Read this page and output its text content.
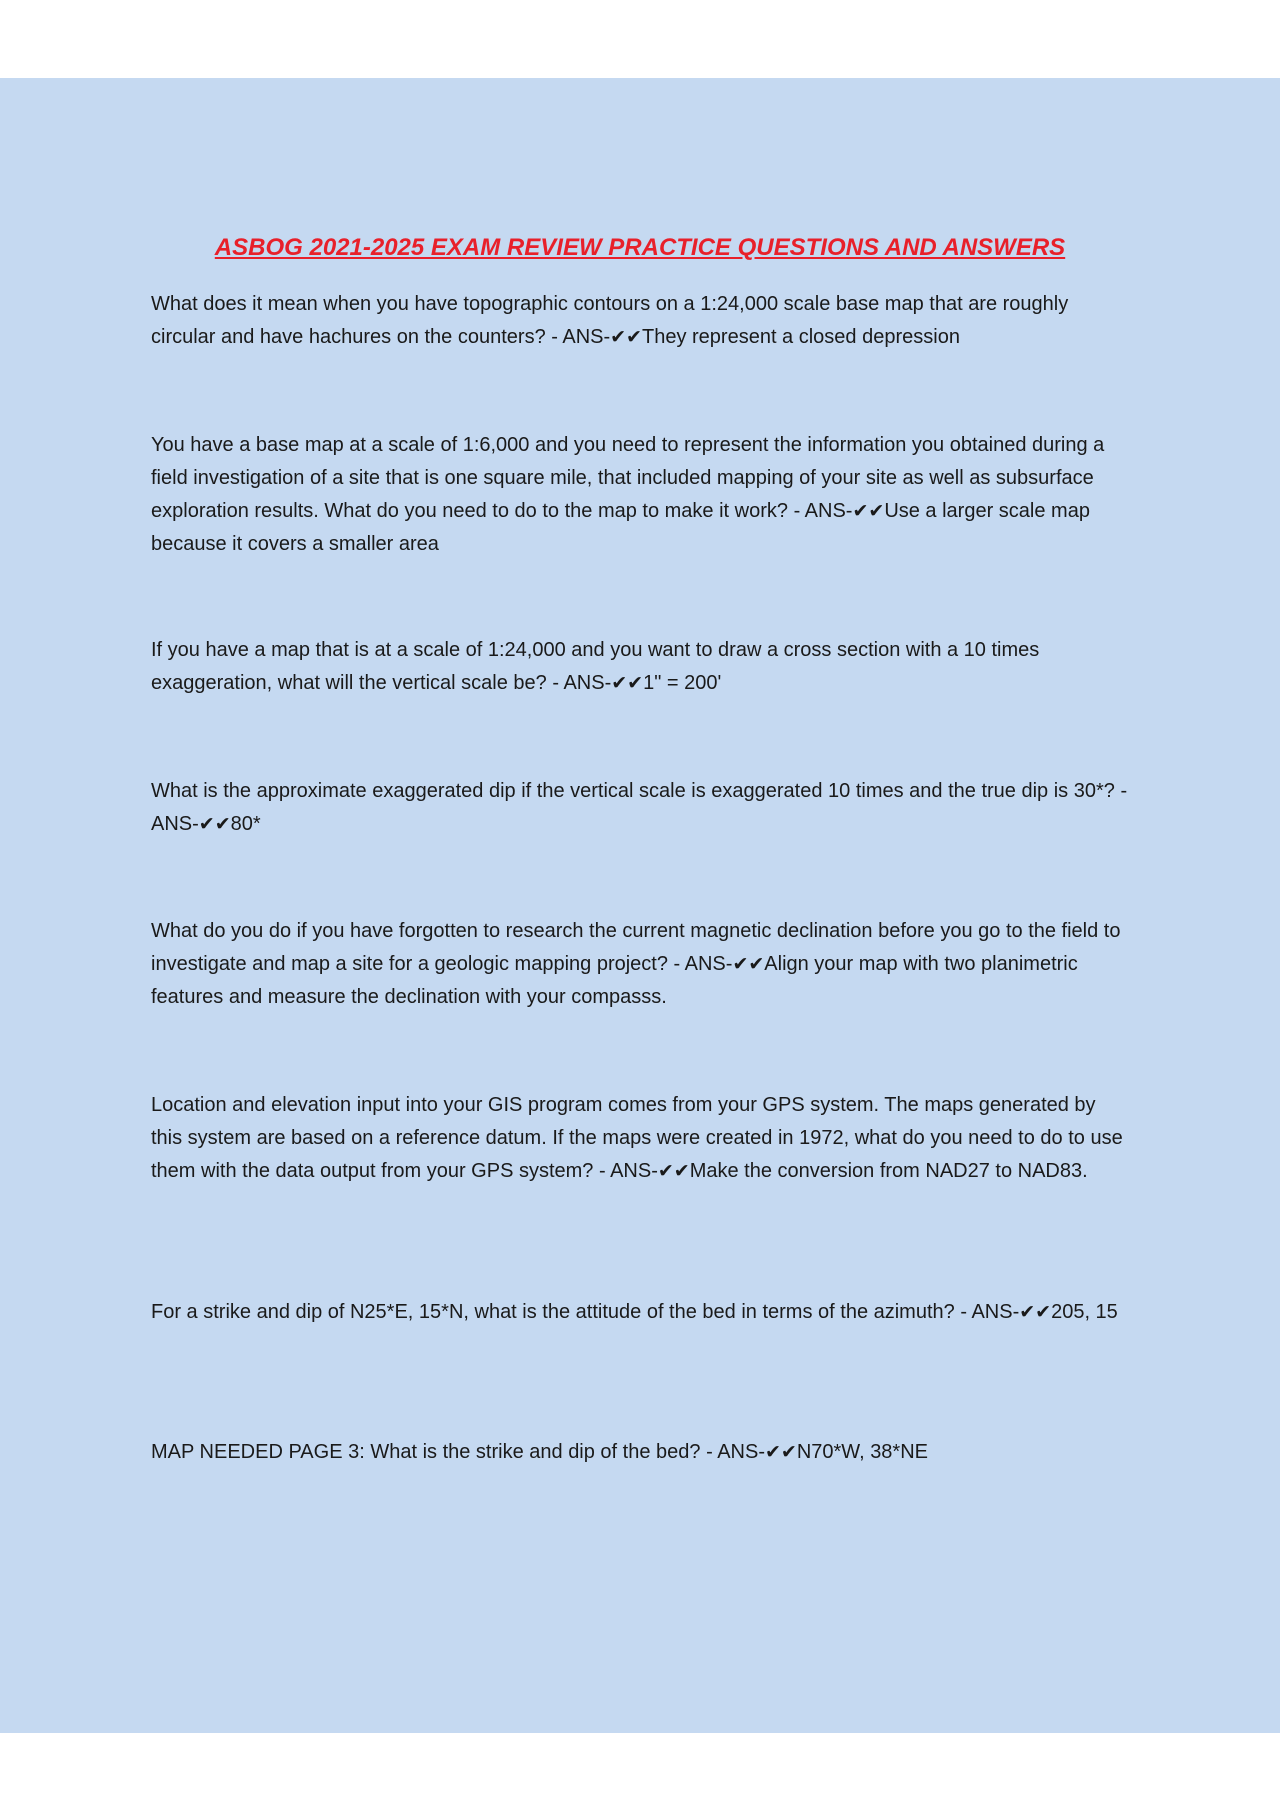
ASBOG 2021-2025 EXAM REVIEW PRACTICE QUESTIONS AND ANSWERS

What does it mean when you have topographic contours on a 1:24,000 scale base map that are roughly circular and have hachures on the counters? - ANS-✔✔They represent a closed depression

You have a base map at a scale of 1:6,000 and you need to represent the information you obtained during a field investigation of a site that is one square mile, that included mapping of your site as well as subsurface exploration results. What do you need to do to the map to make it work? - ANS-✔✔Use a larger scale map because it covers a smaller area

If you have a map that is at a scale of 1:24,000 and you want to draw a cross section with a 10 times exaggeration, what will the vertical scale be? - ANS-✔✔1" = 200'

What is the approximate exaggerated dip if the vertical scale is exaggerated 10 times and the true dip is 30*? - ANS-✔✔80*

What do you do if you have forgotten to research the current magnetic declination before you go to the field to investigate and map a site for a geologic mapping project? - ANS-✔✔Align your map with two planimetric features and measure the declination with your compasss.

Location and elevation input into your GIS program comes from your GPS system. The maps generated by this system are based on a reference datum. If the maps were created in 1972, what do you need to do to use them with the data output from your GPS system? - ANS-✔✔Make the conversion from NAD27 to NAD83.

For a strike and dip of N25*E, 15*N, what is the attitude of the bed in terms of the azimuth? - ANS-✔✔205, 15

MAP NEEDED PAGE 3: What is the strike and dip of the bed? - ANS-✔✔N70*W, 38*NE
